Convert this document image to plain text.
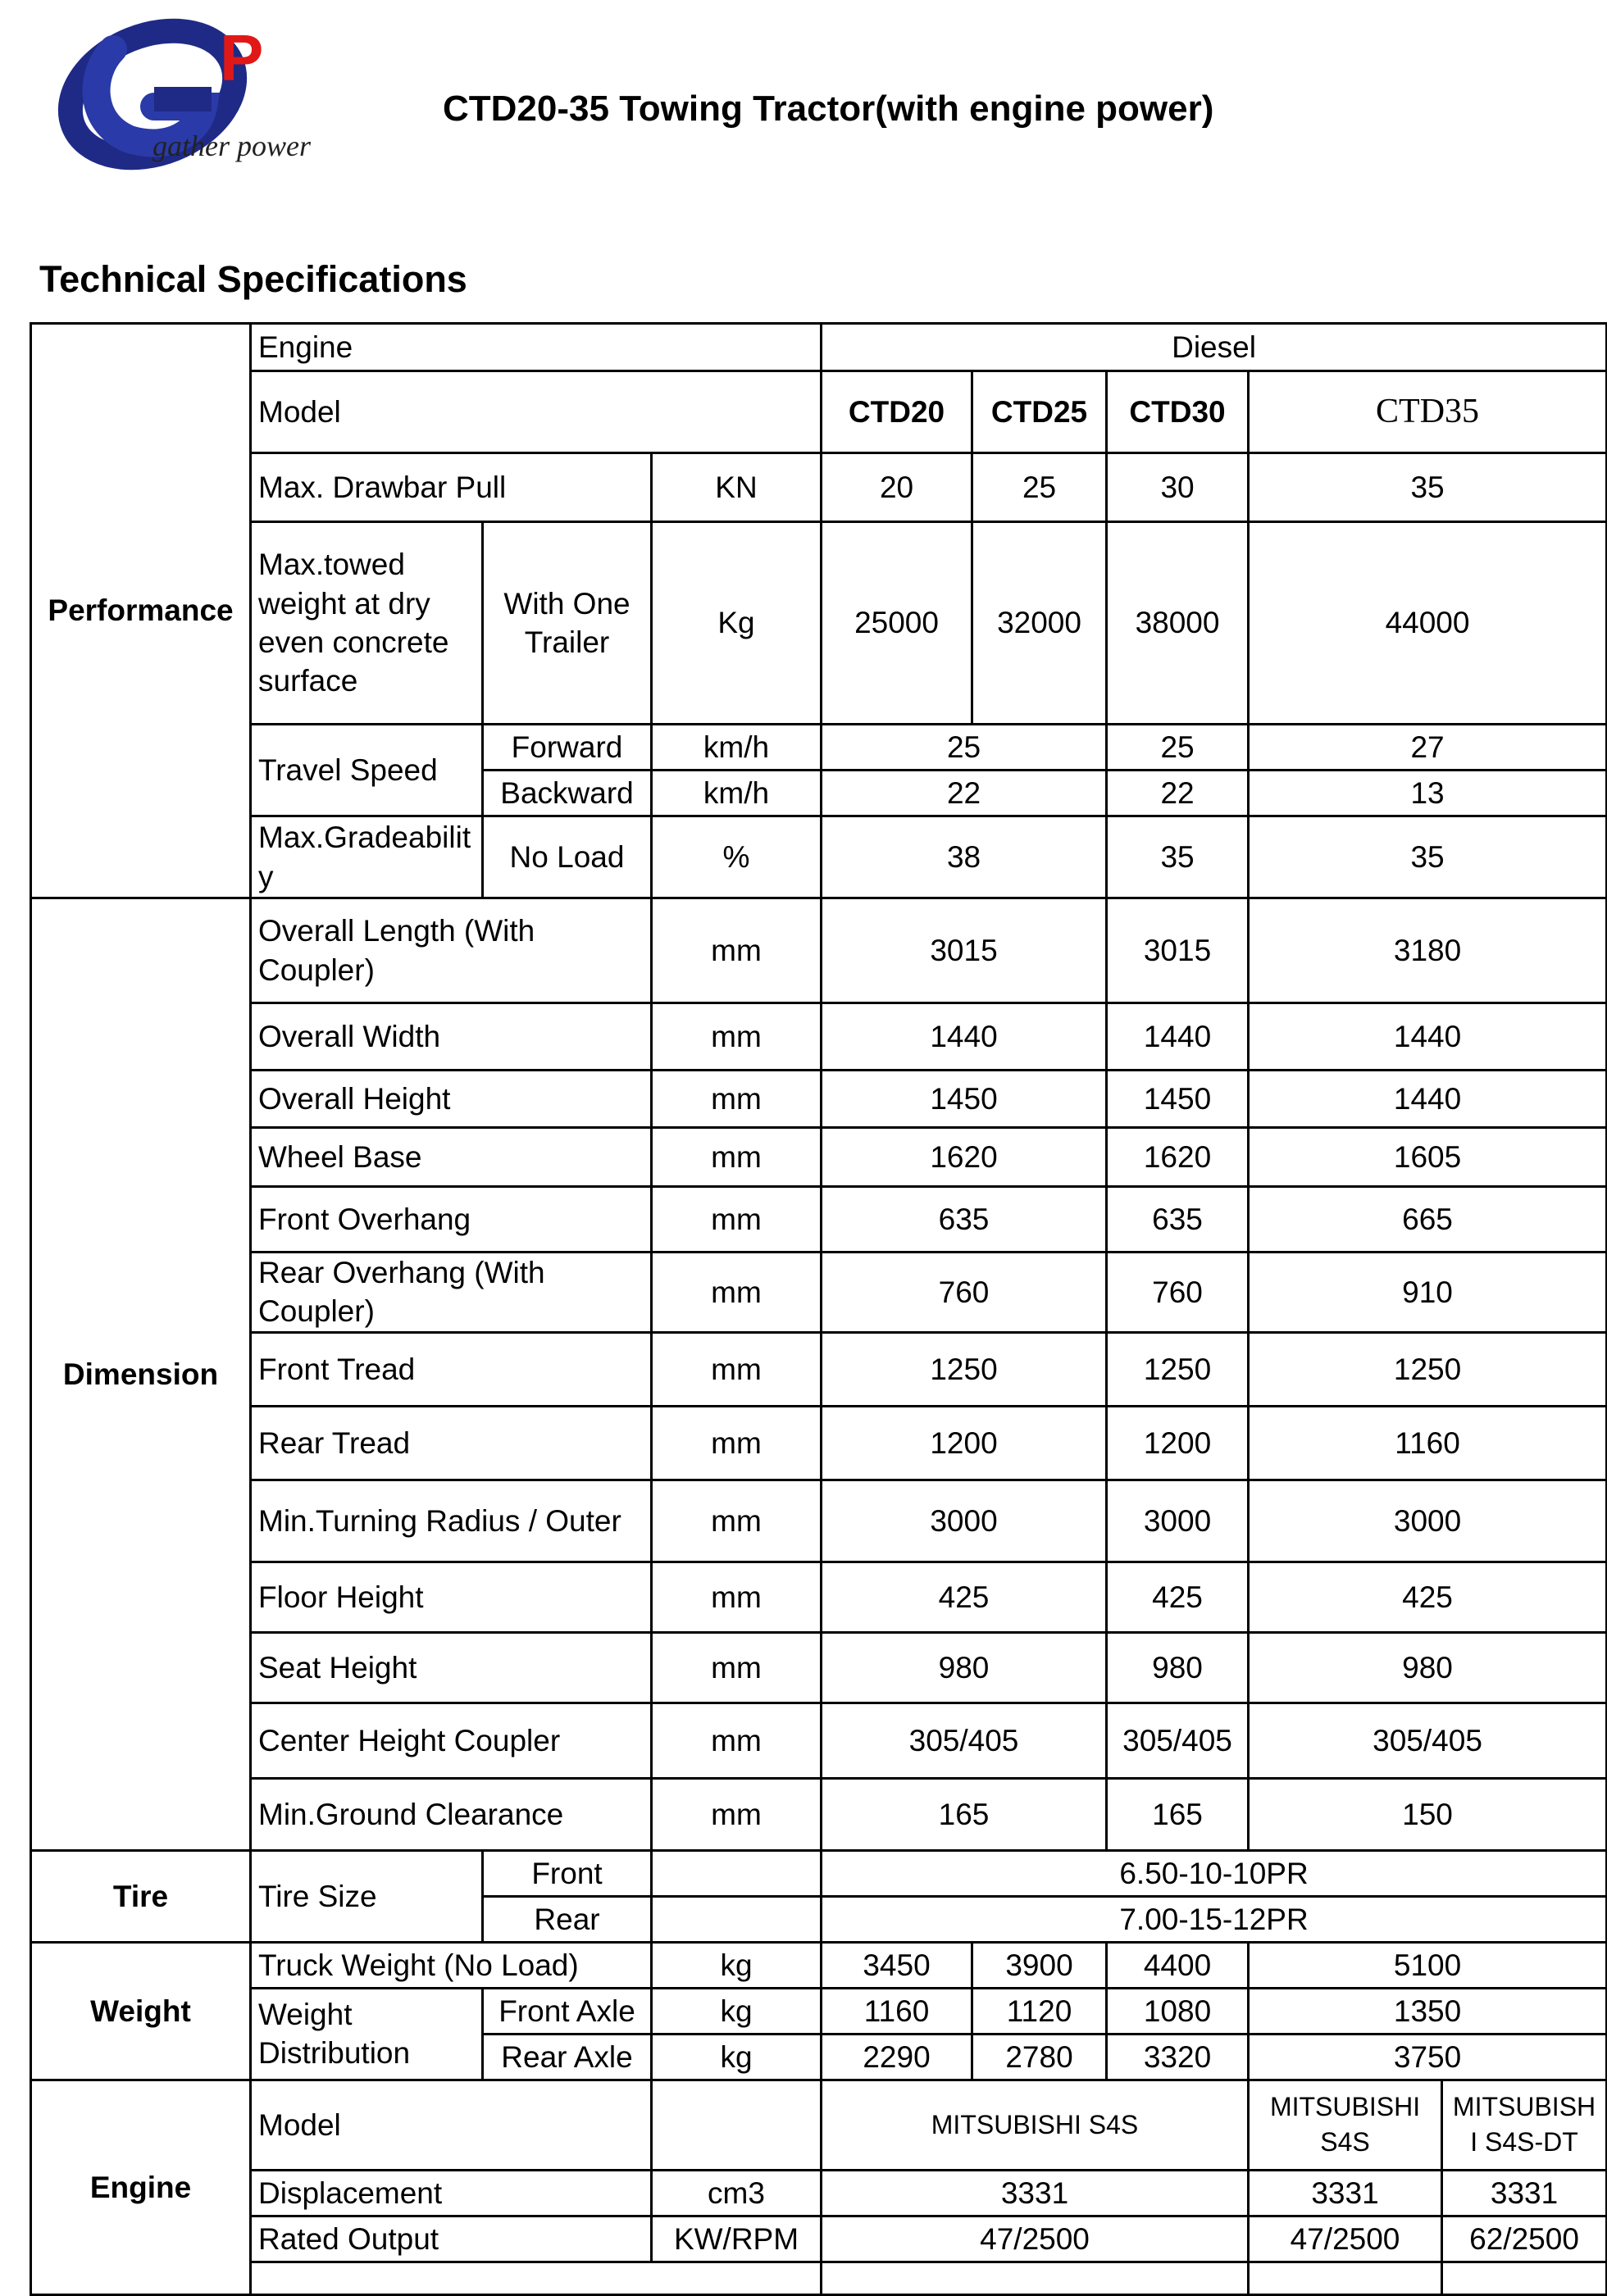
P
gather power
CTD20-35 Towing Tractor(with engine power)
Technical Specifications
Performance	Engine			Diesel				
	Model			CTD20	CTD25	CTD30	CTD35	
	Max. Drawbar Pull		KN	20	25	30	35	
	Max.towed weight at dry even concrete surface	With One Trailer	Kg	25000	32000	38000	44000	
	Travel Speed	Forward	km/h	25		25	27	
		Backward	km/h	22		22	13	
	Max.Gradeability	No Load	%	38		35	35	

Dimension	Overall Length (With Coupler)		mm	3015		3015	3180	
	Overall Width		mm	1440		1440	1440	
	Overall Height		mm	1450		1450	1440	
	Wheel Base		mm	1620		1620	1605	
	Front Overhang		mm	635		635	665	
	Rear Overhang (With Coupler)		mm	760		760	910	
	Front Tread		mm	1250		1250	1250	
	Rear Tread		mm	1200		1200	1160	
	Min.Turning Radius / Outer		mm	3000		3000	3000	
	Floor Height		mm	425		425	425	
	Seat Height		mm	980		980	980	
	Center Height Coupler		mm	305/405		305/405	305/405	
	Min.Ground Clearance		mm	165		165	150	
Tire	Tire Size	Front		6.50-10-10PR				
		Rear		7.00-15-12PR				
Weight	Truck Weight (No Load)		kg	3450	3900	4400	5100	
	Weight Distribution	Front Axle	kg	1160	1120	1080	1350	
		Rear Axle	kg	2290	2780	3320	3750	
Engine	Model			MITSUBISHI S4S			MITSUBISHI S4S	MITSUBISHI S4S-DT
	Displacement		cm3	3331			3331	3331
	Rated Output		KW/RPM	47/2500			47/2500	62/2500
